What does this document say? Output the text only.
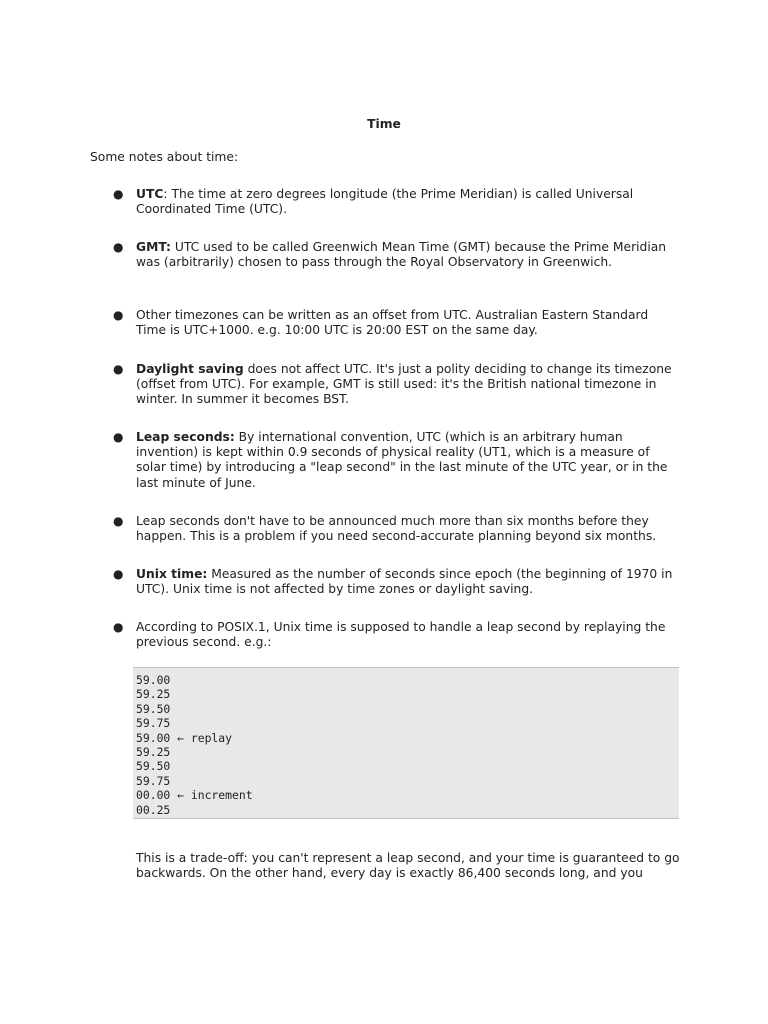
Time

Some notes about time:

● UTC: The time at zero degrees longitude (the Prime Meridian) is called Universal Coordinated Time (UTC).

● GMT: UTC used to be called Greenwich Mean Time (GMT) because the Prime Meridian was (arbitrarily) chosen to pass through the Royal Observatory in Greenwich.

● Other timezones can be written as an offset from UTC. Australian Eastern Standard Time is UTC+1000. e.g. 10:00 UTC is 20:00 EST on the same day.

● Daylight saving does not affect UTC. It's just a polity deciding to change its timezone (offset from UTC). For example, GMT is still used: it's the British national timezone in winter. In summer it becomes BST.

● Leap seconds: By international convention, UTC (which is an arbitrary human invention) is kept within 0.9 seconds of physical reality (UT1, which is a measure of solar time) by introducing a "leap second" in the last minute of the UTC year, or in the last minute of June.

● Leap seconds don't have to be announced much more than six months before they happen. This is a problem if you need second-accurate planning beyond six months.

● Unix time: Measured as the number of seconds since epoch (the beginning of 1970 in UTC). Unix time is not affected by time zones or daylight saving.

● According to POSIX.1, Unix time is supposed to handle a leap second by replaying the previous second. e.g.:

59.00
59.25
59.50
59.75
59.00 ← replay
59.25
59.50
59.75
00.00 ← increment
00.25

This is a trade-off: you can't represent a leap second, and your time is guaranteed to go backwards. On the other hand, every day is exactly 86,400 seconds long, and you
